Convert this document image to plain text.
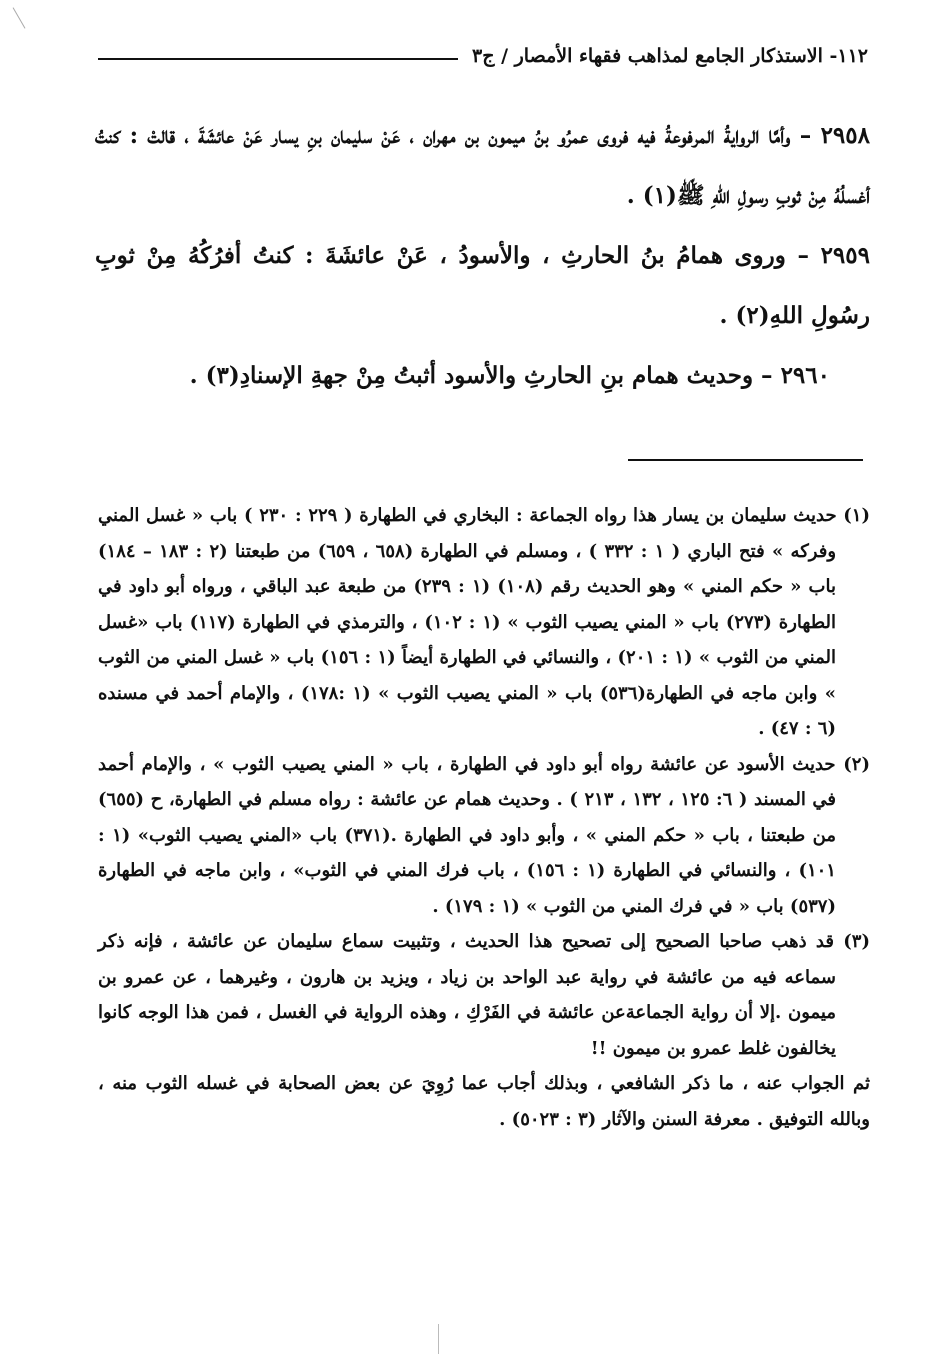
١١٢- الاستذكار الجامع لمذاهب فقهاء الأمصار / ج٣

٢٩٥٨ – وأمَّا الروايةُ المرفوعةُ فيه فروى عمرُو بنُ ميمون بن مهران ، عَنْ سليمان بنِ يسار عَنْ عائشَةَ ، قالتْ : كنتُ أغسلُهُ مِنْ ثوبِ رسولِ اللهِ ﷺ(١) .

٢٩٥٩ – وروى همامُ بنُ الحارثِ ، والأسودُ ، عَنْ عائشَةَ : كنتُ أفرُكُهُ مِنْ ثوبِ رسُولِ اللهِ(٢) .

٢٩٦٠ – وحديث همام بنِ الحارثِ والأسود أثبتُ مِنْ جهةِ الإسنادِ(٣) .

(١) حديث سليمان بن يسار هذا رواه الجماعة : البخاري في الطهارة ( ٢٢٩ : ٢٣٠ ) باب « غسل المني وفركه » فتح الباري ( ١ : ٣٣٢ ) ، ومسلم في الطهارة (٦٥٨ ، ٦٥٩) من طبعتنا (٢ : ١٨٣ – ١٨٤) باب « حكم المني » وهو الحديث رقم (١٠٨) (١ : ٢٣٩) من طبعة عبد الباقي ، ورواه أبو داود في الطهارة (٢٧٣) باب « المني يصيب الثوب » (١ : ١٠٢) ، والترمذي في الطهارة (١١٧) باب «غسل المني من الثوب » (١ : ٢٠١) ، والنسائي في الطهارة أيضاً (١ : ١٥٦) باب « غسل المني من الثوب » وابن ماجه في الطهارة(٥٣٦) باب « المني يصيب الثوب » (١ :١٧٨) ، والإمام أحمد في مسنده (٦ : ٤٧) .

(٢) حديث الأسود عن عائشة رواه أبو داود في الطهارة ، باب « المني يصيب الثوب » ، والإمام أحمد في المسند ( ٦: ١٢٥ ، ١٣٢ ، ٢١٣ ) . وحديث همام عن عائشة : رواه مسلم في الطهارة، ح (٦٥٥) من طبعتنا ، باب « حكم المني » ، وأبو داود في الطهارة .(٣٧١) باب «المني يصيب الثوب» (١ : ١٠١) ، والنسائي في الطهارة (١ : ١٥٦) ، باب فرك المني في الثوب» ، وابن ماجه في الطهارة (٥٣٧) باب « في فرك المني من الثوب » (١ : ١٧٩) .

(٣) قد ذهب صاحبا الصحيح إلى تصحيح هذا الحديث ، وتثبيت سماع سليمان عن عائشة ، فإنه ذكر سماعه فيه من عائشة في رواية عبد الواحد بن زياد ، ويزيد بن هارون ، وغيرهما ، عن عمرو بن ميمون .إلا أن رواية الجماعةعن عائشة في الفَرْكِ ، وهذه الرواية في الغسل ، فمن هذا الوجه كانوا يخالفون غلط عمرو بن ميمون !!

ثم الجواب عنه ، ما ذكر الشافعي ، وبذلك أجاب عما رُوِيَ عن بعض الصحابة في غسله الثوب منه ، وبالله التوفيق . معرفة السنن والآثار (٣ : ٥٠٢٣) .
